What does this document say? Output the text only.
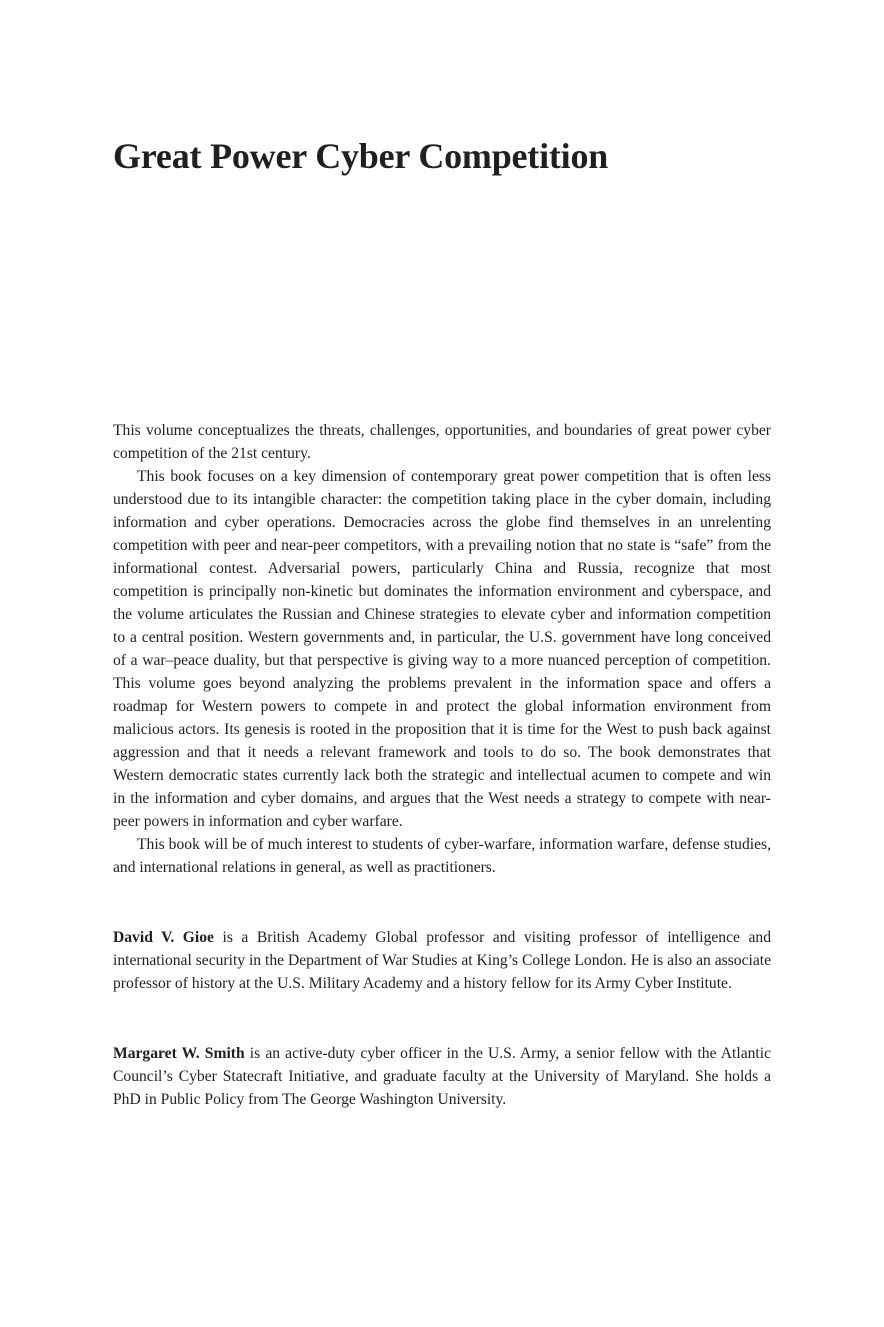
Great Power Cyber Competition

This volume conceptualizes the threats, challenges, opportunities, and boundaries of great power cyber competition of the 21st century.

This book focuses on a key dimension of contemporary great power competition that is often less understood due to its intangible character: the competition taking place in the cyber domain, including information and cyber operations. Democracies across the globe find themselves in an unrelenting competition with peer and near-peer competitors, with a prevailing notion that no state is “safe” from the informational contest. Adversarial powers, particularly China and Russia, recognize that most competition is principally non-kinetic but dominates the information environment and cyberspace, and the volume articulates the Russian and Chinese strategies to elevate cyber and information competition to a central position. Western governments and, in particular, the U.S. government have long conceived of a war–peace duality, but that perspective is giving way to a more nuanced perception of competition. This volume goes beyond analyzing the problems prevalent in the information space and offers a roadmap for Western powers to compete in and protect the global information environment from malicious actors. Its genesis is rooted in the proposition that it is time for the West to push back against aggression and that it needs a relevant framework and tools to do so. The book demonstrates that Western democratic states currently lack both the strategic and intellectual acumen to compete and win in the information and cyber domains, and argues that the West needs a strategy to compete with near-peer powers in information and cyber warfare.

This book will be of much interest to students of cyber-warfare, information warfare, defense studies, and international relations in general, as well as practitioners.

David V. Gioe is a British Academy Global professor and visiting professor of intelligence and international security in the Department of War Studies at King’s College London. He is also an associate professor of history at the U.S. Military Academy and a history fellow for its Army Cyber Institute.

Margaret W. Smith is an active-duty cyber officer in the U.S. Army, a senior fellow with the Atlantic Council’s Cyber Statecraft Initiative, and graduate faculty at the University of Maryland. She holds a PhD in Public Policy from The George Washington University.
